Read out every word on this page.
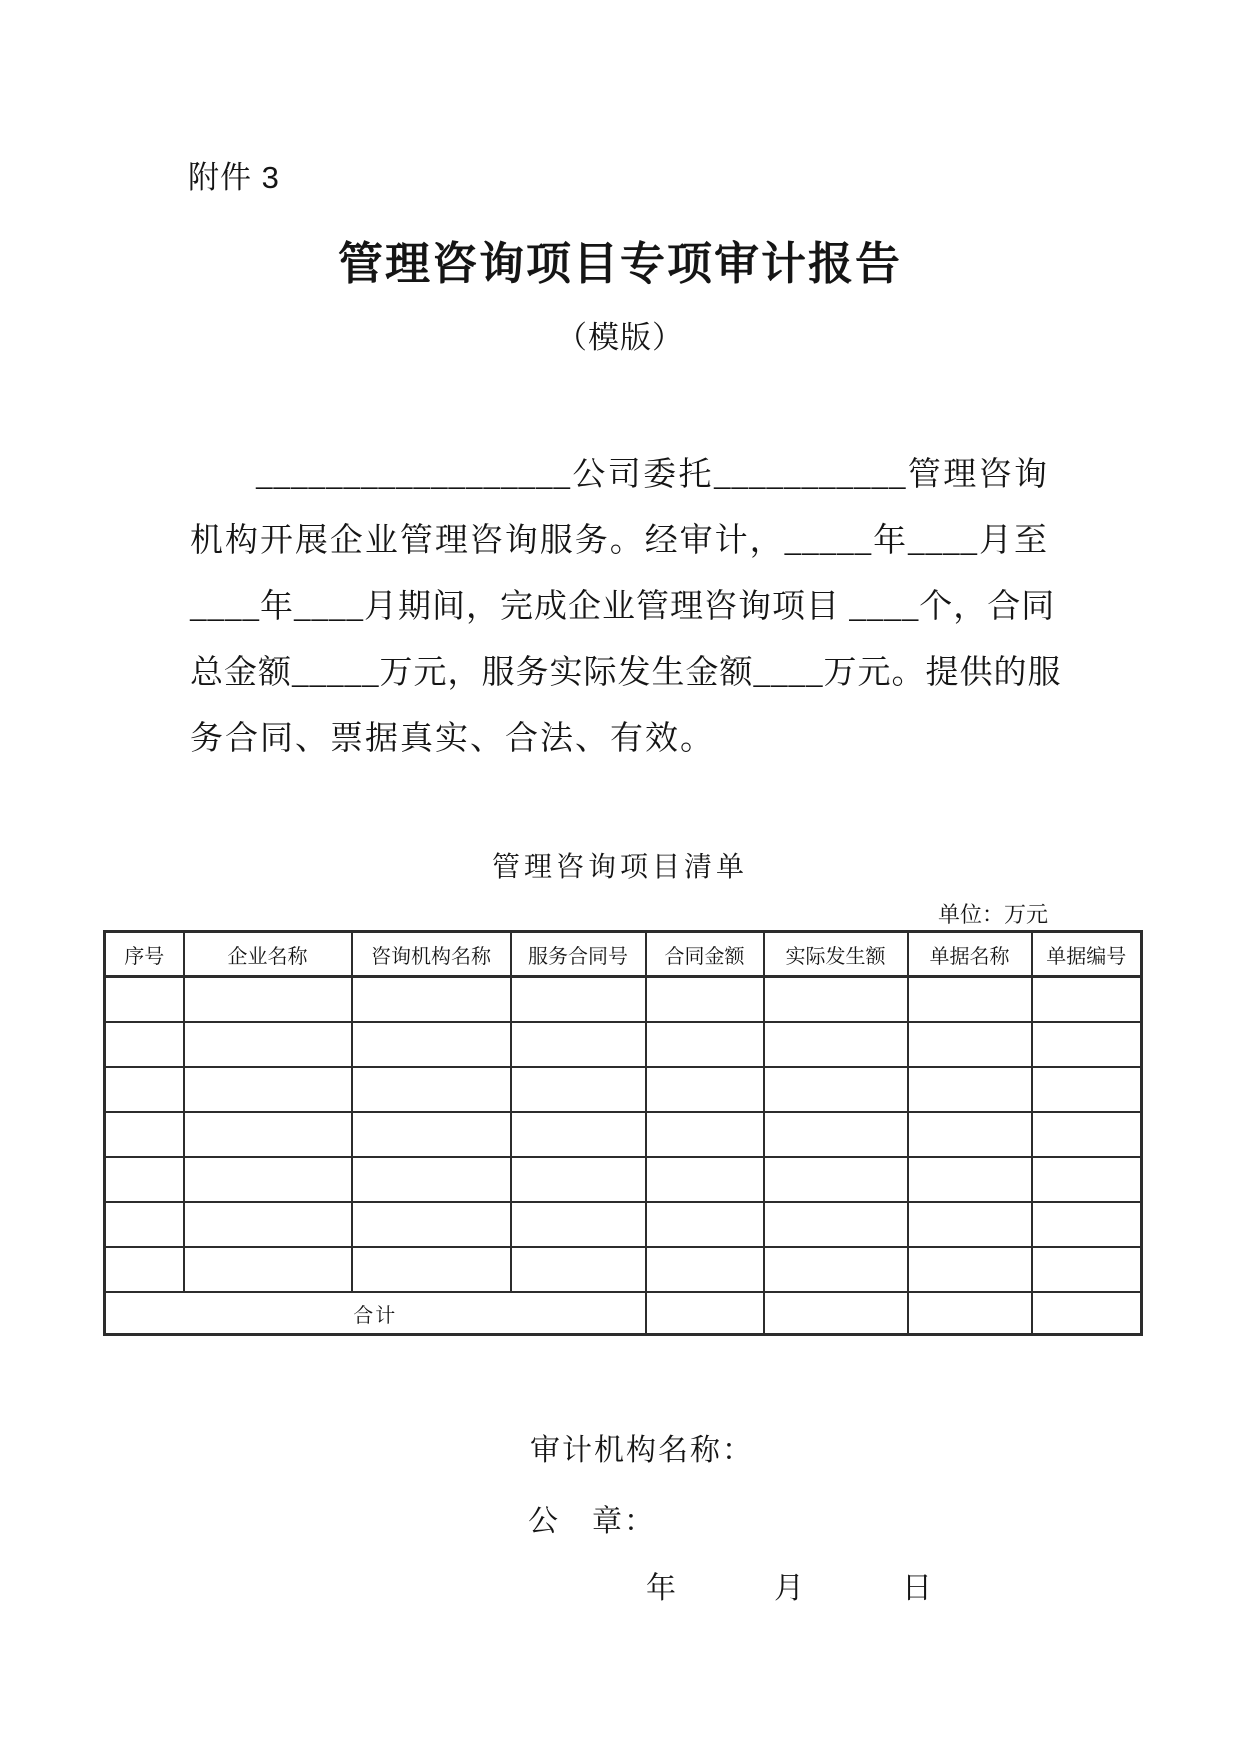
附件 3
管理咨询项目专项审计报告
（模版）
__________________公司委托___________管理咨询
机构开展企业管理咨询服务。经审计，_____年____月至
____年____月期间，完成企业管理咨询项目 ____个，合同
总金额_____万元，服务实际发生金额____万元。提供的服
务合同、票据真实、合法、有效。
管理咨询项目清单
单位：万元
序号	企业名称	咨询机构名称	服务合同号	合同金额	实际发生额	单据名称	单据编号

合计							
审计机构名称：
公　章：
年　　　月　　　日
